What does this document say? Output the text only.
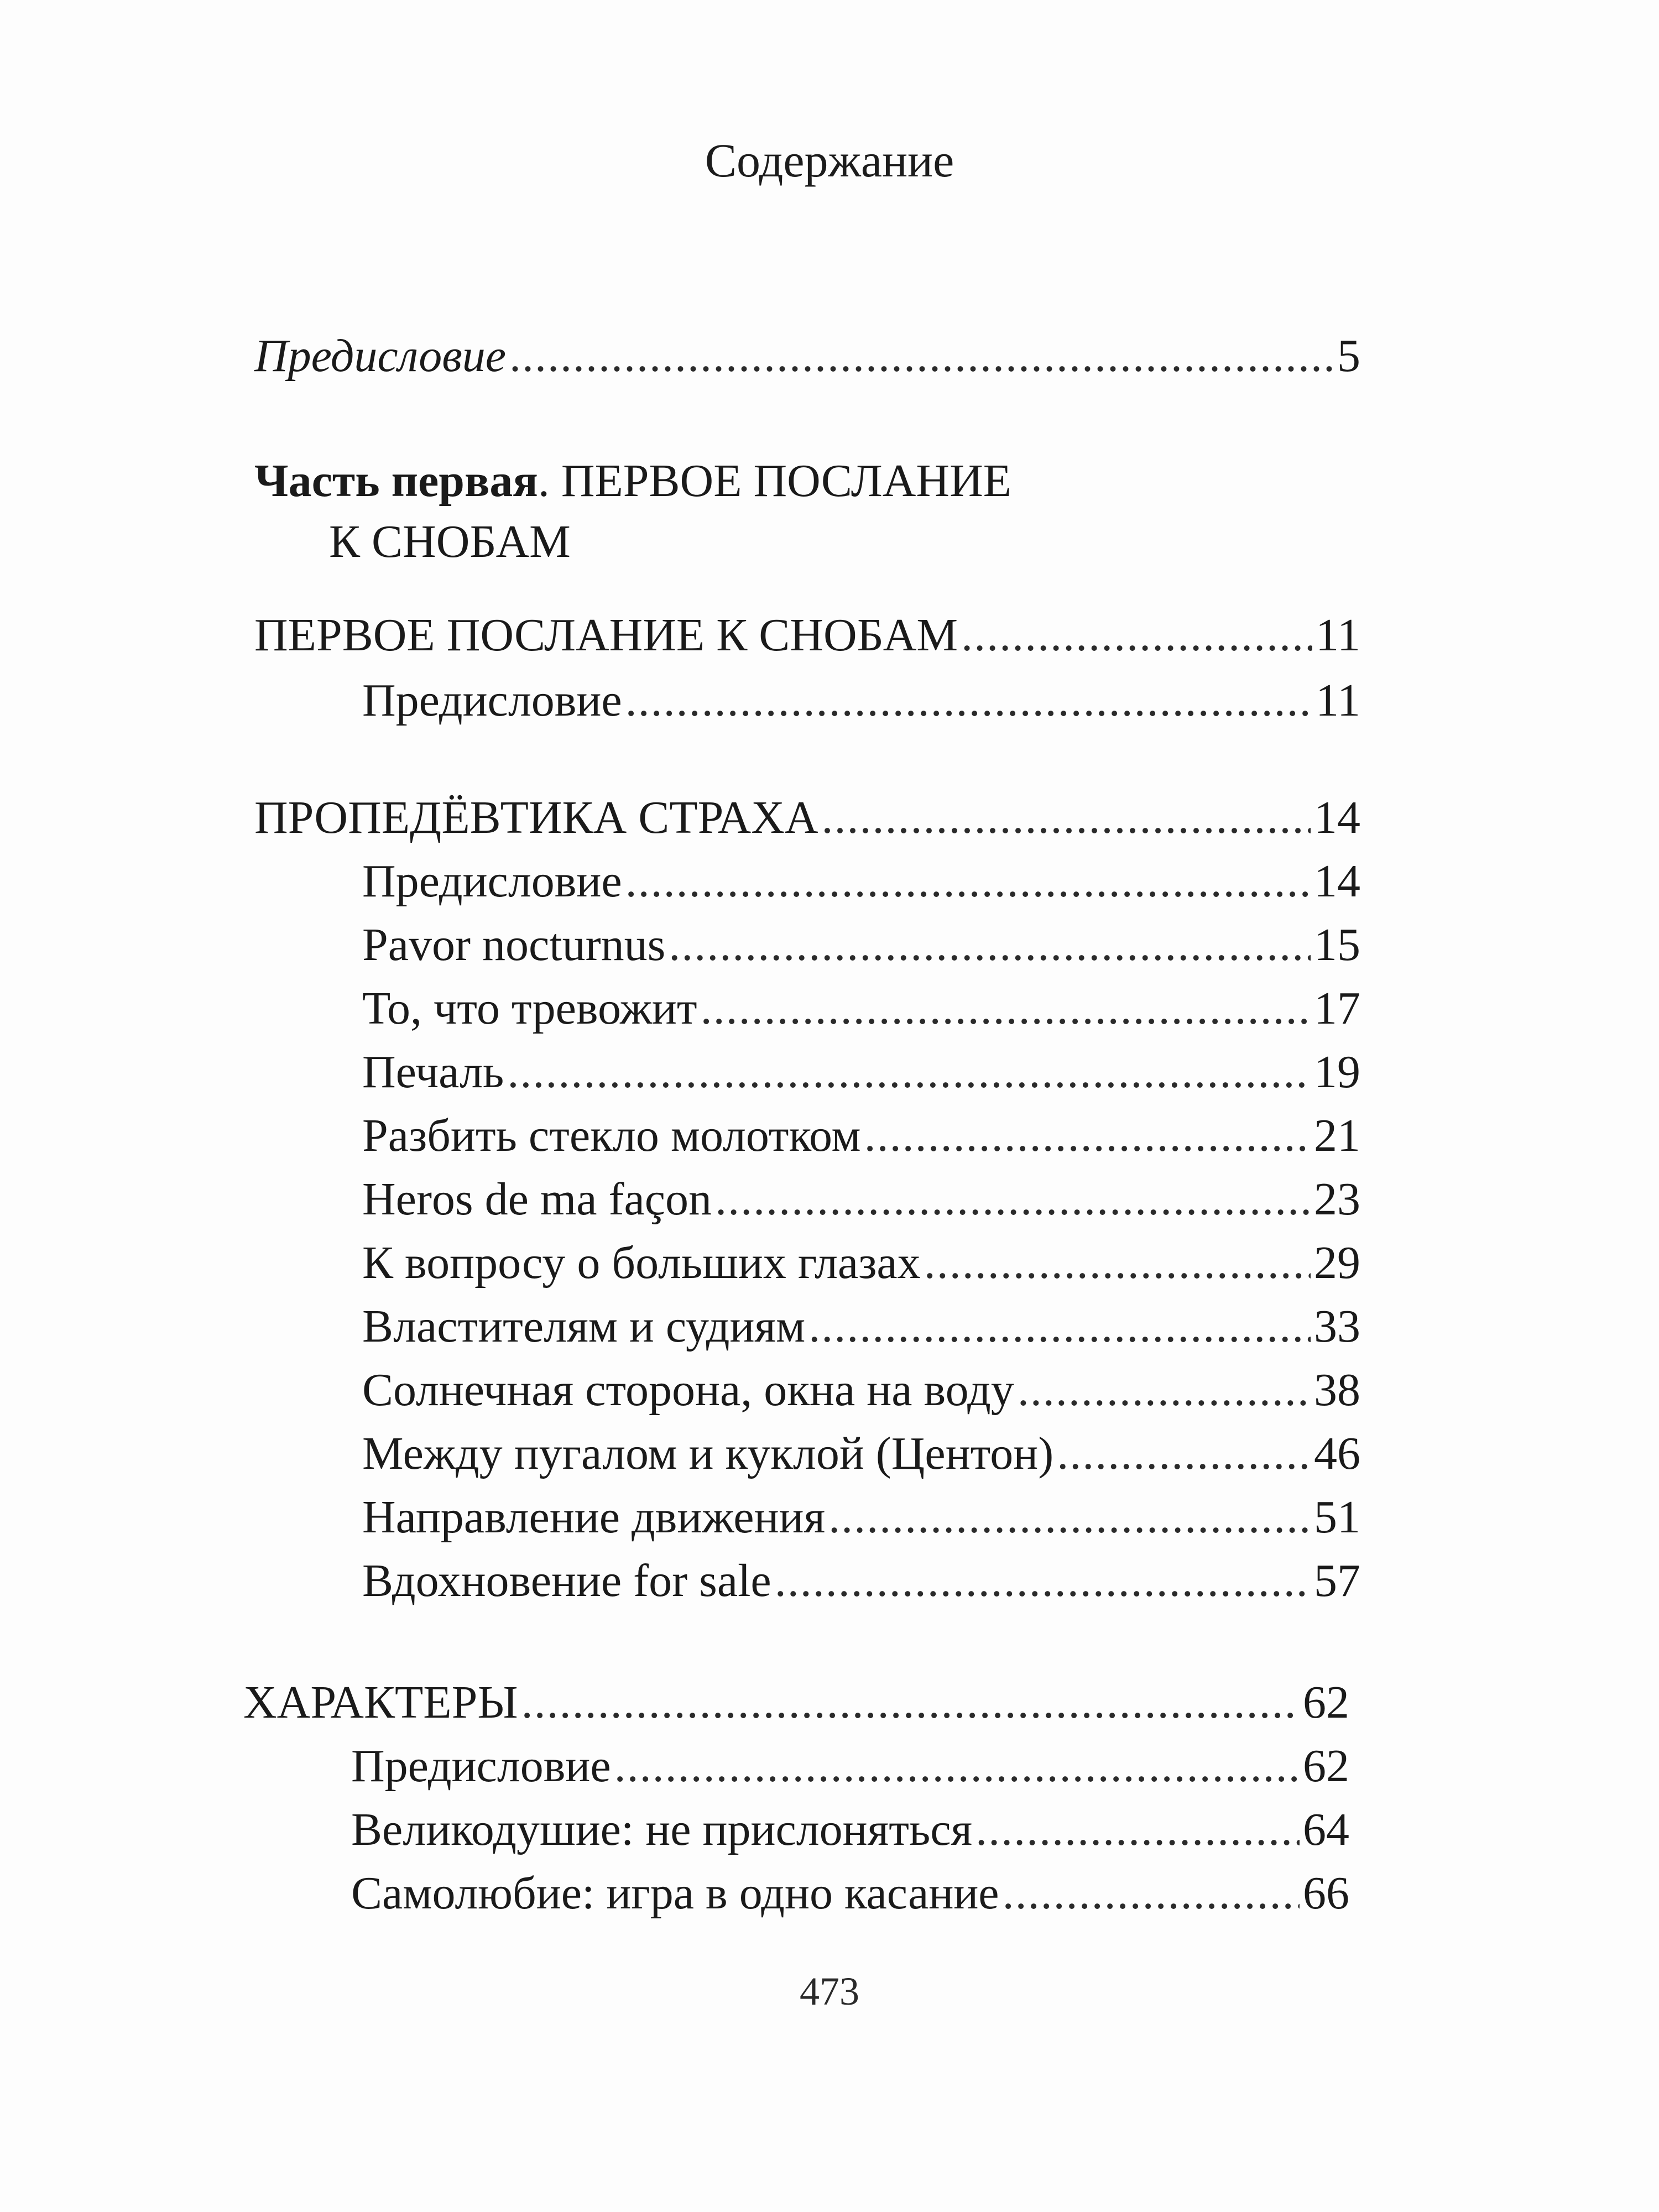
Содержание
Предисловие .....	5
Часть первая. ПЕРВОЕ ПОСЛАНИЕ
К СНОБАМ
ПЕРВОЕ ПОСЛАНИЕ К СНОБАМ .....	11
Предисловие .....	11
ПРОПЕДЁВТИКА СТРАХА .....	14
Предисловие .....	14
Pavor nocturnus .....	15
То, что тревожит .....	17
Печаль .....	19
Разбить стекло молотком .....	21
Heros de ma façon .....	23
К вопросу о больших глазах .....	29
Властителям и судиям .....	33
Солнечная сторона, окна на воду .....	38
Между пугалом и куклой (Центон) .....	46
Направление движения .....	51
Вдохновение for sale .....	57
ХАРАКТЕРЫ .....	62
Предисловие .....	62
Великодушие: не прислоняться .....	64
Самолюбие: игра в одно касание .....	66
473
